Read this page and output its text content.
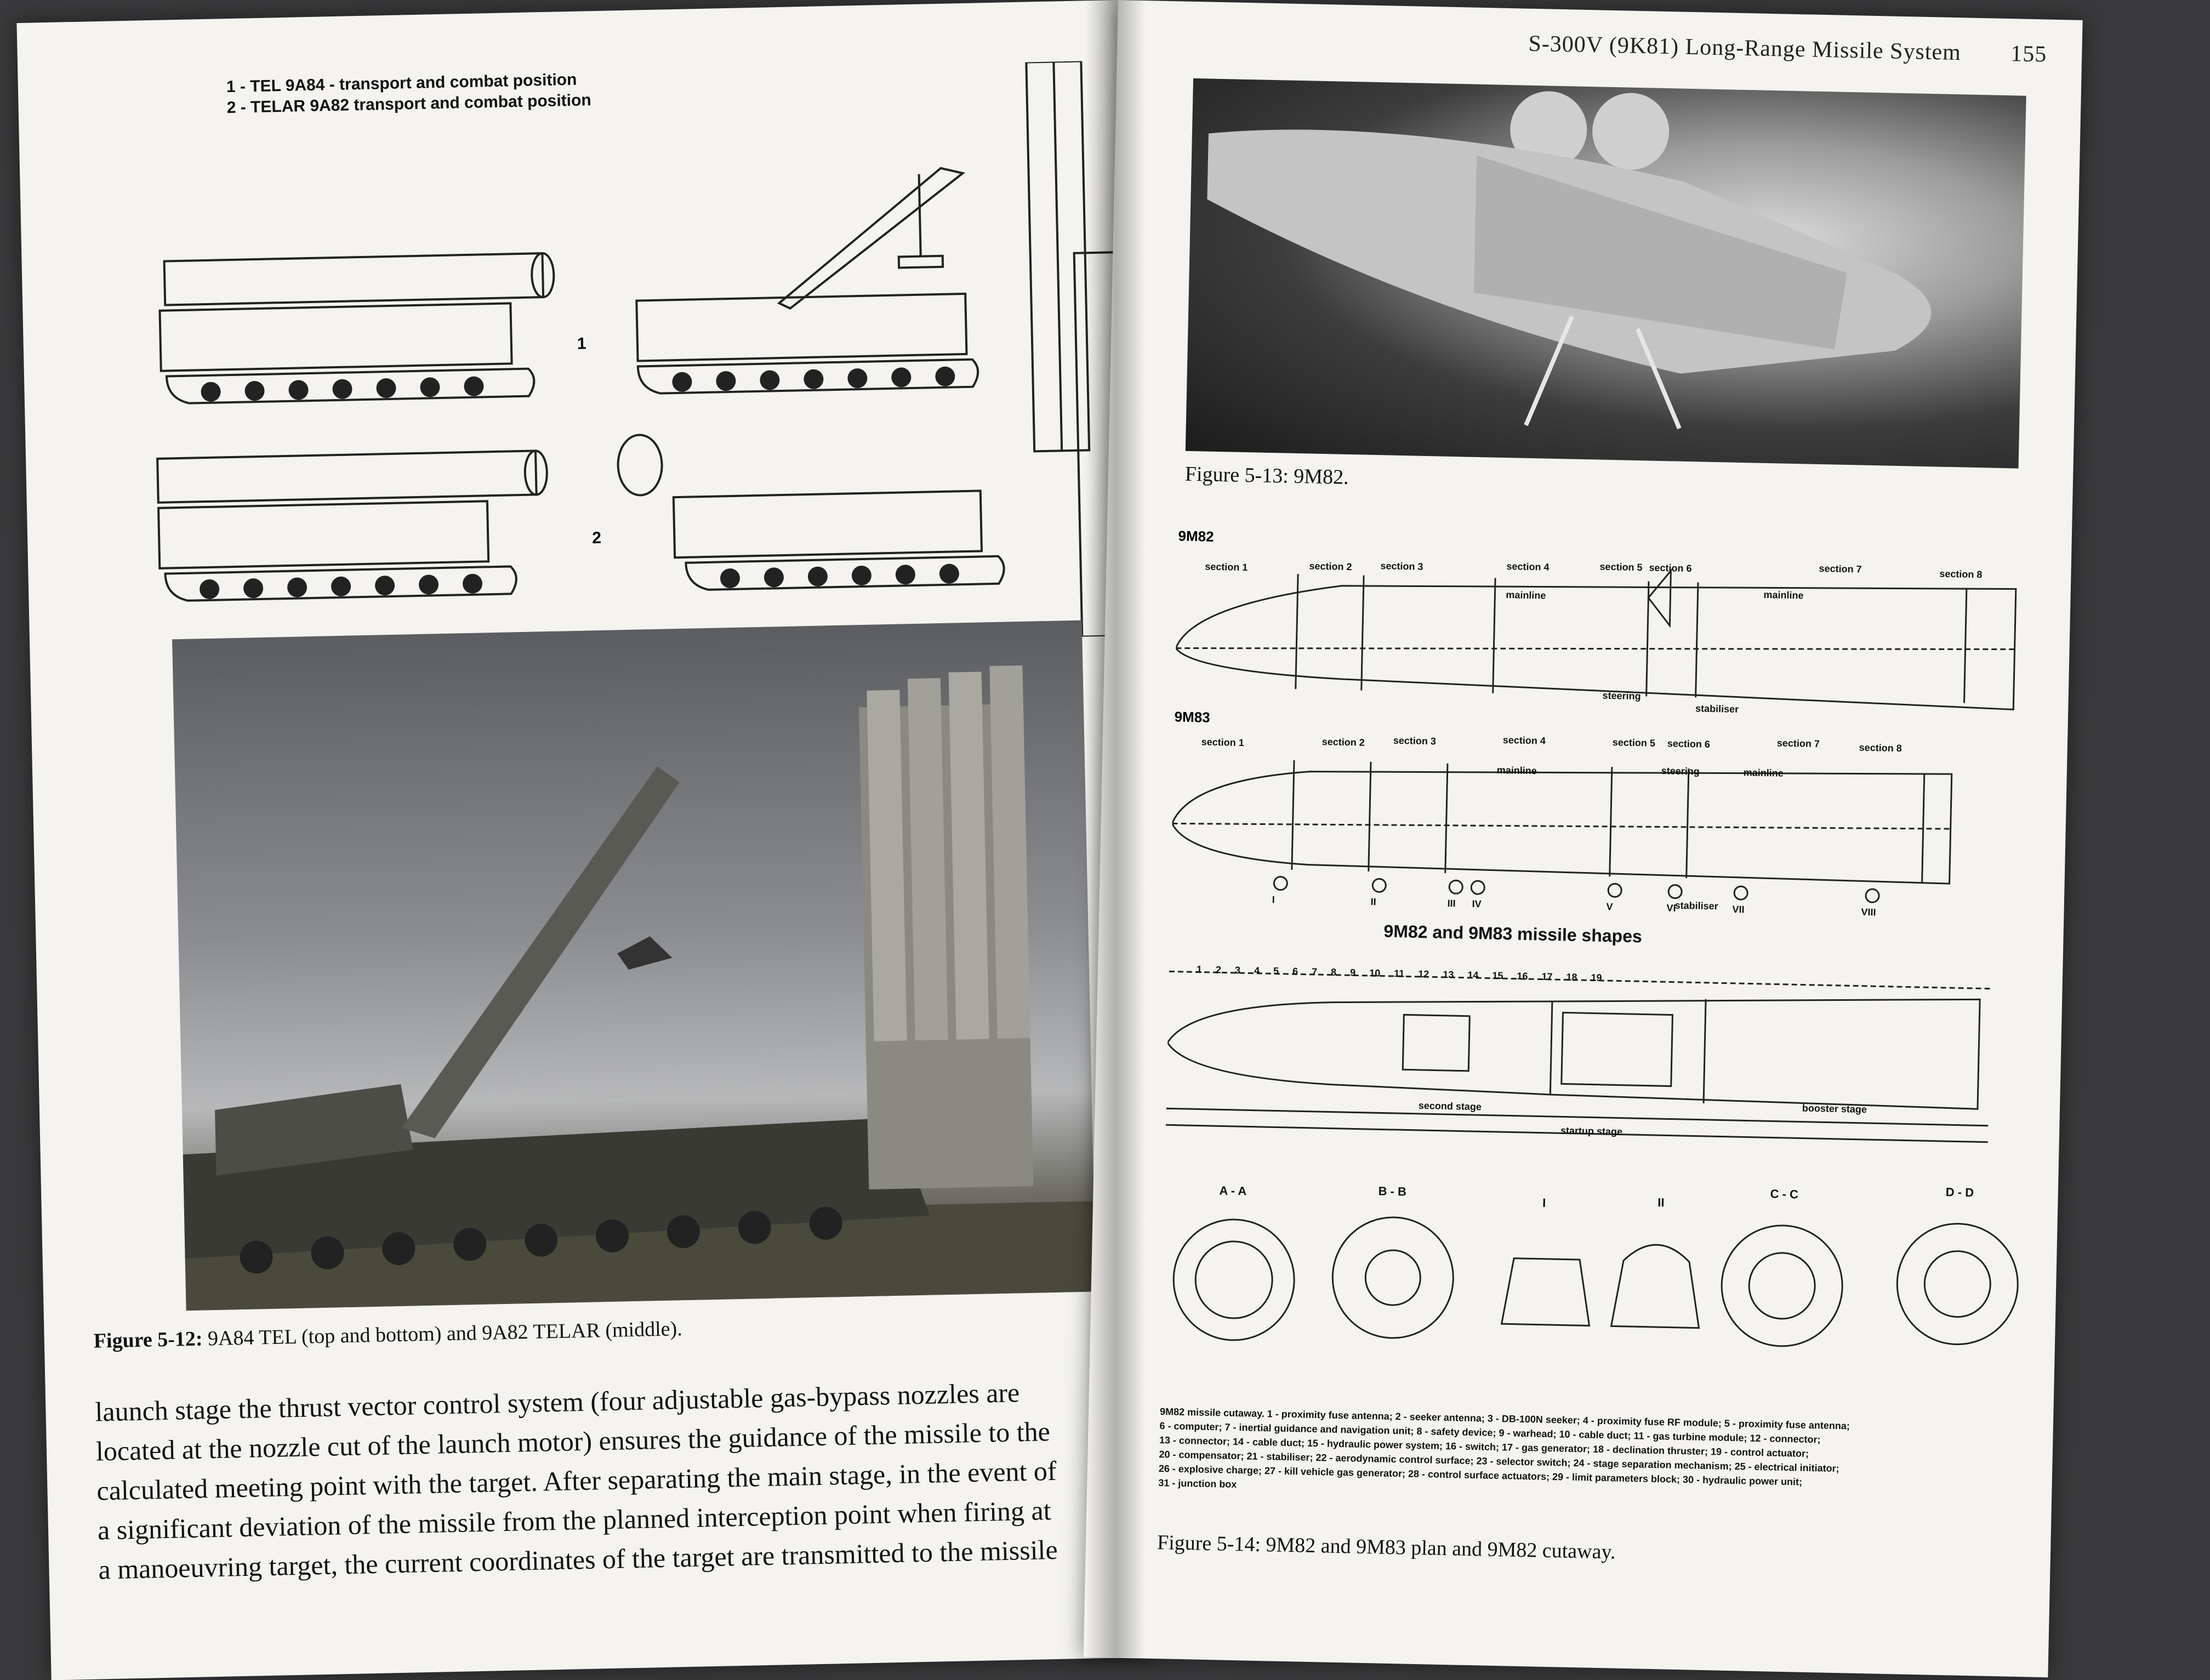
1 - TEL 9A84 - transport and combat position
2 - TELAR 9A82 transport and combat position
1
2
Figure 5-12: 9A84 TEL (top and bottom) and 9A82 TELAR (middle).
launch stage the thrust vector control system (four adjustable gas-bypass nozzles are
located at the nozzle cut of the launch motor) ensures the guidance of the missile to the
calculated meeting point with the target. After separating the main stage, in the event of
a significant deviation of the missile from the planned interception point when firing at
a manoeuvring target, the current coordinates of the target are transmitted to the missile
S-300V (9K81) Long-Range Missile System 155
Figure 5-13: 9M82.
9M82
section 1	section 2	section 3	section 4	section 5 section 6	section 7	section 8
mainline	mainline
steering
stabiliser
9M83
section 1	section 2	section 3	section 4	section 5 section 6	section 7	section 8
mainline	steering	mainline
stabiliser
I	II	III IV	V	VI	VII	VIII
9M82 and 9M83 missile shapes
1 2 3 4 5 6 7 8 9 10 11 12 13 14 15 16 17 18 19
second stage	booster stage
startup stage
A - A	B - B
I	II
C - C	D - D
9M82 missile cutaway. 1 - proximity fuse antenna; 2 - seeker antenna; 3 - DB-100N seeker; 4 - proximity fuse RF module; 5 - proximity fuse antenna;
6 - computer; 7 - inertial guidance and navigation unit; 8 - safety device; 9 - warhead; 10 - cable duct; 11 - gas turbine module; 12 - connector;
13 - connector; 14 - cable duct; 15 - hydraulic power system; 16 - switch; 17 - gas generator; 18 - declination thruster; 19 - control actuator;
20 - compensator; 21 - stabiliser; 22 - aerodynamic control surface; 23 - selector switch; 24 - stage separation mechanism; 25 - electrical initiator;
26 - explosive charge; 27 - kill vehicle gas generator; 28 - control surface actuators; 29 - limit parameters block; 30 - hydraulic power unit;
31 - junction box
Figure 5-14: 9M82 and 9M83 plan and 9M82 cutaway.
